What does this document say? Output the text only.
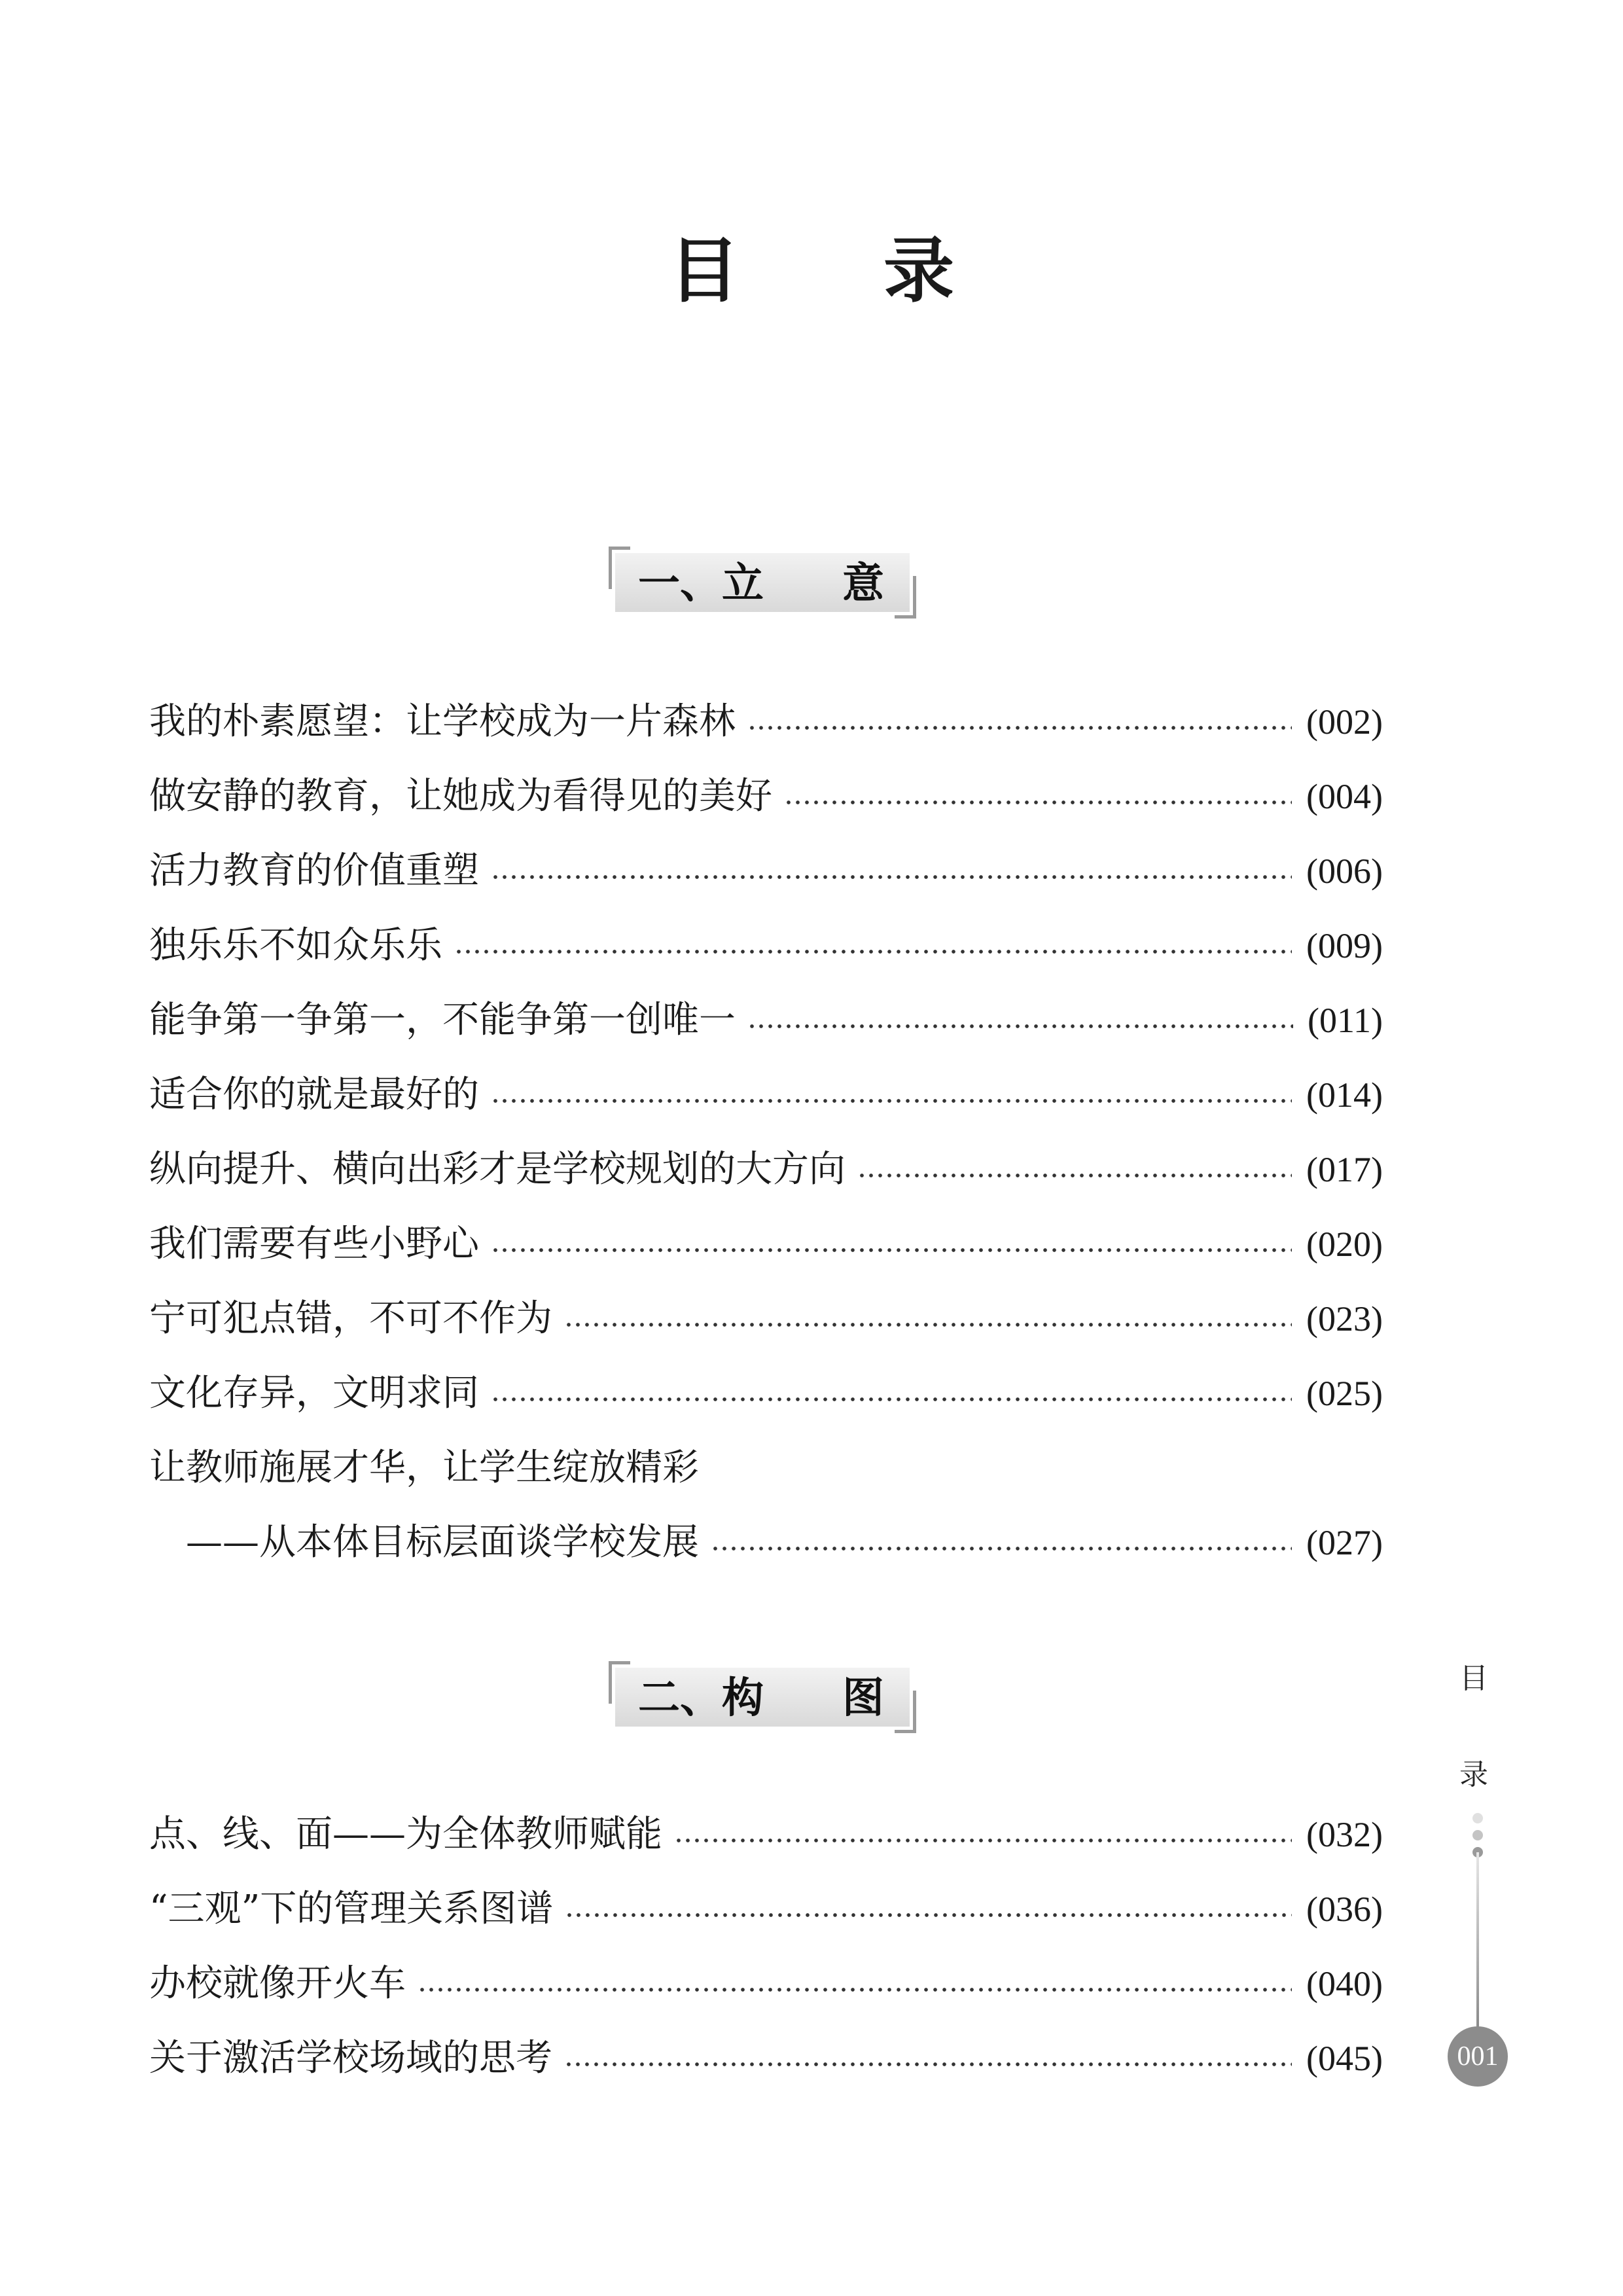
目 录
一、立 意
我的朴素愿望：让学校成为一片森林	(002)
做安静的教育，让她成为看得见的美好	(004)
活力教育的价值重塑	(006)
独乐乐不如众乐乐	(009)
能争第一争第一，不能争第一创唯一	(011)
适合你的就是最好的	(014)
纵向提升、横向出彩才是学校规划的大方向	(017)
我们需要有些小野心	(020)
宁可犯点错，不可不作为	(023)
文化存异，文明求同	(025)
让教师施展才华，让学生绽放精彩
——从本体目标层面谈学校发展	(027)
二、构 图
点、线、面——为全体教师赋能	(032)
“三观”下的管理关系图谱	(036)
办校就像开火车	(040)
关于激活学校场域的思考	(045)
目
录
001
